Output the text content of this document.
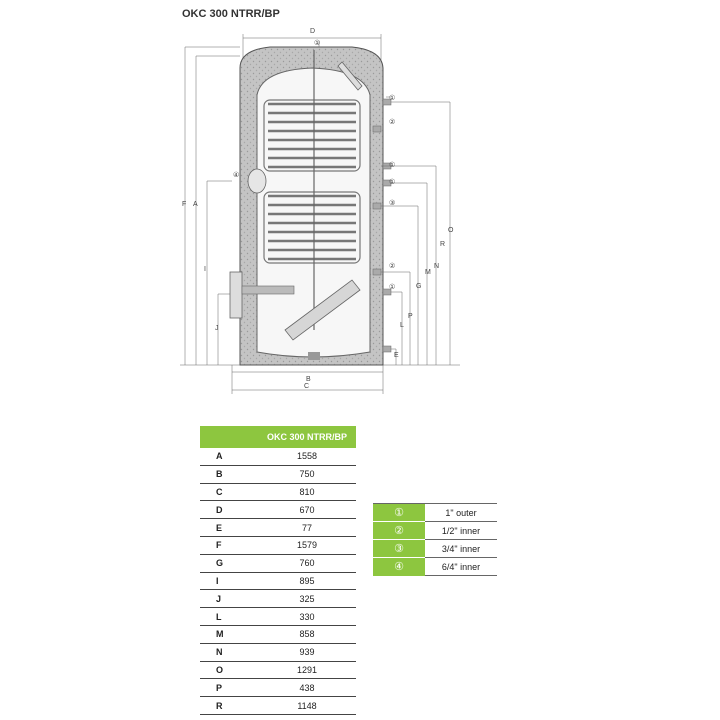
OKC 300 NTRR/BP
D
F A
I
J
B
C
E
L
P
G
M
N
R
O
①
①
②
①
①
③
②
①
④
		OKC 300 NTRR/BP
A		1558
B		750
C		810
D		670
E		77
F		1579
G		760
I		895
J		325
L		330
M		858
N		939
O		1291
P		438
R		1148
①	1" outer
②	1/2" inner
③	3/4" inner
④	6/4" inner
